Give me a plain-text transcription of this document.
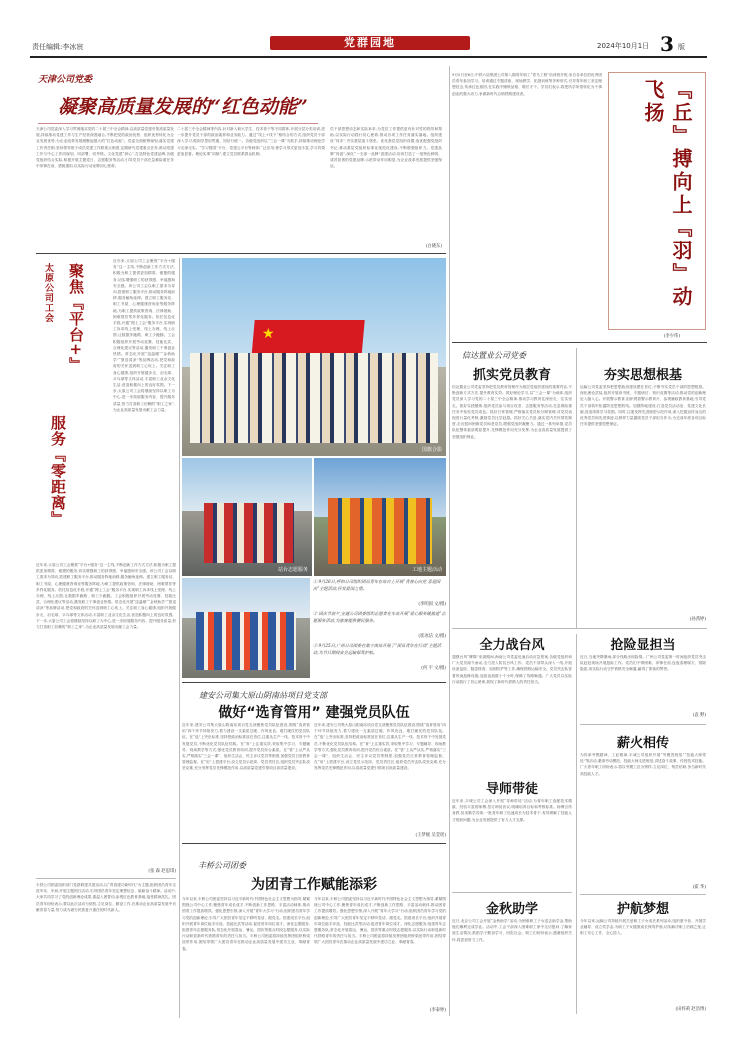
责任编辑:李冰宸	党群园地	2024年10月1日 3 版
天津公司党委
凝聚高质量发展的“红色动能”
天津公司党委深入学习贯彻落实党的二十届三中全会精神,以高质量党建引领高质量发展,持续推动党建工作与生产经营深度融合,不断把党的政治优势、组织优势转化为企业发展优势,为企业改革发展凝聚起强大的“红色动能”。党委全面统筹谋划,落实党建工作责任制,坚持领导班子成员党建工作联系点制度,定期研究党建重点任务,推动党建工作与中心工作同谋划、同部署、同考核。文化党建“润心”,打造特色党建品牌,各级党组织结合实际,积极开展主题党日、志愿服务等活动,引导党员干部在急难险重任务中冲锋在前、勇挑重担,以实际行动诠释初心使命。
二十届三中全会精神等内容,针对新入职大学生、技术骨干等不同群体,开展分层分类培训,进一步提升党员干部的政治素养和业务能力。通过“线上+线下”相结合的方式,组织党员干部深入学习,做到学思用贯通、知信行统一。各级党组织以“三会一课”为抓手,持续推动理论学习走深走实。“学习强国”平台、党建云平台等载体广泛应用,使学习形式更加丰富,学习效果更加显著。理论实事“同频”,建立党员联系群众机制。
员干部思想动态和实际诉求,为党员工作提供更有针对性的指导和帮助,以实际行动践行初心使命,推动各项工作任务落实落地。组织建设“同步”,夯实基层战斗堡垒。优化基层党组织设置,选优配强党组织书记,推动基层党组织标准化规范化建设,不断增强组织力。党建品牌“同创”,深化“一支部一品牌”创建活动,培育打造了一批特色鲜明、成效显著的党建品牌,示范带动作用明显,为企业改革发展提供坚强保证。
(白晓东)
太原公司工会 聚焦『平台+』
服务『零距离』
近年来,太原公司工会聚焦“平台+服务”这一主线,不断创新工作方式方法,积极为职工提供更加精准、便捷的服务,切实增强职工的获得感、幸福感和安全感。该公司工会以职工需求为导向,搭建职工服务平台,推动服务阵地前移,服务触角延伸。建立职工服务站、职工书屋、心理健康咨询室等服务阵地,为职工提供政策咨询、法律援助、困难帮扶等多样化服务。依托信息化手段,开通“网上工会”服务平台,实现职工诉求线上受理、线上办理、线上反馈,让数据多跑路、职工少跑腿。工会积极组织开展劳动竞赛、技能比武、合理化建议等活动,激发职工干事创业热情。常态化开展“送温暖”“金秋助学”“夏送清凉”等品牌活动,把党和政府的关怀送到职工心坎上。关注职工身心健康,组织开展健步走、羽毛球、乒乓球等文体活动,丰富职工业余文化生活,营造积极向上的良好氛围。下一步,太原公司工会将继续坚持以职工为中心,进一步拓展服务内容、提升服务质量,努力打造职工信赖的“职工之家”,为企业高质量发展贡献工会力量。
近年来,太原公司工会聚焦“平台+服务”这一主线,不断创新工作方式方法,积极为职工提供更加精准、便捷的服务,切实增强职工的获得感、幸福感和安全感。该公司工会以职工需求为导向,搭建职工服务平台,推动服务阵地前移,服务触角延伸。建立职工服务站、职工书屋、心理健康咨询室等服务阵地,为职工提供政策咨询、法律援助、困难帮扶等多样化服务。依托信息化手段,开通“网上工会”服务平台,实现职工诉求线上受理、线上办理、线上反馈,让数据多跑路、职工少跑腿。工会积极组织开展劳动竞赛、技能比武、合理化建议等活动,激发职工干事创业热情。常态化开展“送温暖”“金秋助学”“夏送清凉”等品牌活动,把党和政府的关怀送到职工心坎上。关注职工身心健康,组织开展健步走、羽毛球、乒乓球等文体活动,丰富职工业余文化生活,营造积极向上的良好氛围。下一步,太原公司工会将继续坚持以职工为中心,进一步拓展服务内容、提升服务质量,努力打造职工信赖的“职工之家”,为企业高质量发展贡献工会力量。
(张 森 赵思琪)
丰铁公司团委组织部门党群联建共建活动,以“青春建功新时代”为主题,组织团员青年走进车站、车间,开展主题团日活动,引导团员青年坚定理想信念、砥砺奋斗精神。活动中,大家共同学习了党的创新理论成果,重温入团誓词,参观红色教育基地,接受精神洗礼。团员青年纷纷表示,要以此次活动为契机,立足岗位、勤奋工作,在推动企业高质量发展中贡献青春力量,努力成为堪当民族复兴重任的时代新人。
★
国旗合影
站台志愿服务	工地主题活动
① 9月26日,呼和公司组织团员青年在站台上开展“青春心向党 喜迎国庆”主题活动,抒发爱国之情。
(李明国 文/摄)
② 国庆节前夕,宝通公司团委组织志愿者在车站开展“爱心服务暖旅途”志愿服务活动,为旅客提供便民服务。
(崔冰洁 文/摄)
③ 9月25日,广州公司团委在集宁南站开展了“团员青年在行动”主题活动,为节日期间安全运输保驾护航。
(何 宇 文/摄)
建安公司集大原山阴南站项目党支部
做好“选育管用” 建强党员队伍
近年来,建安公司集大原山阴南站项目党支部聚焦党员队伍建设,围绕“选育管用”四个环节持续发力,着力建设一支素质过硬、作风优良、敢打硬仗的党员队伍。在“选”上突出标准,坚持把政治标准放在首位,注重从生产一线、技术骨干中发展党员,不断优化党员队伍结构。在“育”上注重实效,采取集中学习、专题辅导、现场教学等方式,强化党员教育培训,提升党员综合素质。在“管”上从严从实,严格落实“三会一课”、组织生活会、民主评议党员等制度,加强党员日常教育管理监督。在“用”上搭建平台,设立党员示范岗、党员责任区,组织党员突击队攻坚克难,充分发挥党员先锋模范作用,以高质量党建引领项目高质量建设。
近年来,建安公司集大原山阴南站项目党支部聚焦党员队伍建设,围绕“选育管用”四个环节持续发力,着力建设一支素质过硬、作风优良、敢打硬仗的党员队伍。在“选”上突出标准,坚持把政治标准放在首位,注重从生产一线、技术骨干中发展党员,不断优化党员队伍结构。在“育”上注重实效,采取集中学习、专题辅导、现场教学等方式,强化党员教育培训,提升党员综合素质。在“管”上从严从实,严格落实“三会一课”、组织生活会、民主评议党员等制度,加强党员日常教育管理监督。在“用”上搭建平台,设立党员示范岗、党员责任区,组织党员突击队攻坚克难,充分发挥党员先锋模范作用,以高质量党建引领项目高质量建设。
(王梦媛 吴莹瑶)
丰桥公司团委
为团青工作赋能添彩
今年以来,丰桥公司团委坚持以习近平新时代中国特色社会主义思想为指导,紧紧围绕公司中心工作,聚焦青年成长成才,不断创新工作思路、丰富活动载体,推动团青工作提质增效。强化思想引领,深入开展“青年大学习”行动,组织团员青年学习党的创新理论,引导广大团员青年坚定不移听党话、跟党走。搭建成长平台,组织开展青年岗位能手评选、技能比武等活动,促进青年岗位成才。深化志愿服务,组建青年志愿服务队,常态化开展春运、暑运、国庆等重点时段志愿服务,以实际行动彰显新时代铁路青年的责任与担当。丰桥公司团委将持续发挥团组织桥梁纽带作用,团结带领广大团员青年在推动企业高质量发展中建功立业、奉献青春。
今年以来,丰桥公司团委坚持以习近平新时代中国特色社会主义思想为指导,紧紧围绕公司中心工作,聚焦青年成长成才,不断创新工作思路、丰富活动载体,推动团青工作提质增效。强化思想引领,深入开展“青年大学习”行动,组织团员青年学习党的创新理论,引导广大团员青年坚定不移听党话、跟党走。搭建成长平台,组织开展青年岗位能手评选、技能比武等活动,促进青年岗位成才。深化志愿服务,组建青年志愿服务队,常态化开展春运、暑运、国庆等重点时段志愿服务,以实际行动彰显新时代铁路青年的责任与担当。丰桥公司团委将持续发挥团组织桥梁纽带作用,团结带领广大团员青年在推动企业高质量发展中建功立业、奉献青春。
(李泰婷)
9月5日至6日,中铁六局集团公司第八期青年职工“青马工程”培训班开班,来自各单位的优秀团员青年参加学习。培训通过专题讲座、现场教学、拓展训练等多种形式,引导青年职工坚定理想信念,传承红色基因,在实践中锤炼品格、增长才干。学员们表示,将把所学所悟转化为干事创业的强大动力,争做新时代合格铁路建设者。
(李少伟)
『丘』搏向上『羽』动飞扬
信达置业公司党委
抓实党员教育
信达置业公司党委坚持把党员教育管理作为基层党组织建设的重要内容,不断创新方式方法,提升教育实效。抓好理论学习,以“三会一课”为载体,组织党员深入学习党的二十届三中全会精神,推动学习教育往深里走、往实里走。抓好实践锻炼,组织党员参与项目攻坚、志愿服务等活动,在急难险重任务中检验党员成色。抓好日常管理,严格落实党员积分制管理,对党员表现进行量化考核,激励党员比学赶超。抓好关心关爱,落实党内关怀帮扶制度,走访慰问困难党员和老党员,增强党组织凝聚力。通过一系列举措,党员队伍整体素质明显提升,先锋模范作用充分发挥,为企业高质量发展提供了坚强组织保证。
夯实思想根基
运输公司党委坚持把思想政治建设摆在首位,不断夯实党员干部的思想根基。深化理论武装,组织开展读书班、专题研讨、知识竞赛等活动,推动党的创新理论入脑入心。开展警示教育,组织观看警示教育片、参观廉政教育基地,引导党员干部筑牢拒腐防变思想防线。加强阵地建设,打造党员活动室、党建文化长廊,营造浓厚学习氛围。同时,注重发挥先进典型示范作用,深入挖掘宣传身边的优秀党员和先进事迹,以榜样力量激励党员干部担当作为,为完成年度各项目标任务提供坚强思想保证。
(孙茜婷)
全力战台风
超强台风“摩羯”来袭期间,海南公司党委迅速启动应急预案,各级党组织和广大党员闻令而动,全力投入防抗台风工作。党员干部带头深入一线,开展设备巡检、隐患排查、加固防护等工作,确保铁路运输安全。党员突击队冒着风雨抢修设施,连续奋战数十个小时,保障了线路畅通。广大党员以实际行动践行了初心使命,展现了新时代铁路人的责任担当。
抢险显担当
近日,当地突降暴雨,部分线路出现险情。广州公司党委第一时间组织党员突击队赶赴现场开展抢险工作。党员们不惧困难、冲锋在前,连夜清理塌方、排除隐患,用实际行动守护铁路安全畅通,赢得了旅客的赞誉。
(袁 野)
导师带徒
近年来,丰城公司工会深入开展“导师带徒”活动,为青年职工选配技术精湛、经验丰富的师傅,签订师徒协议,明确培养目标和考核标准。师傅言传身教,徒弟勤学苦练,一批青年职工迅速成长为技术骨干,有效缓解了技能人才短缺问题,为企业发展提供了有力人才支撑。
薪火相传
为传承劳模精神、工匠精神,丰诚公司组织开展“劳模进班组”“技能大师带徒”等活动,邀请劳动模范、技能大师走进班组,讲述奋斗故事、传授技术技能。广大青年职工纷纷表示,将以劳模工匠为榜样,立足岗位、刻苦钻研,争当新时代高技能人才。
(霍 华)
金秋助学
近日,北京公司工会开展“金秋助学”活动,为困难职工子女送去助学金,帮助他们顺利完成学业。活动中,工会干部深入困难职工家中走访慰问,了解家庭生活情况,鼓励学子勤奋学习、回报社会。职工们纷纷表示,感谢组织关怀,将更加努力工作。
护航梦想
今年以来,运输公司持续开展关爱职工子女成长系列活动,组织夏令营、开展学业辅导、设立奖学金,为职工子女健康成长保驾护航,切实解决职工后顾之忧,让职工安心工作、全心投入。
(田梓莉 赵浩博)
